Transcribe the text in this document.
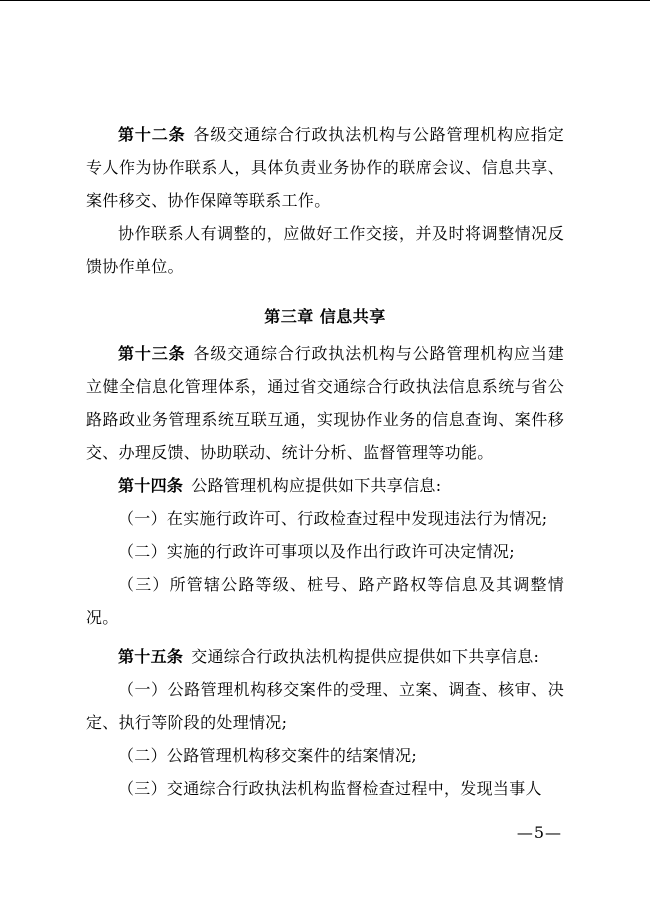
第十二条 各级交通综合行政执法机构与公路管理机构应指定专人作为协作联系人，具体负责业务协作的联席会议、信息共享、案件移交、协作保障等联系工作。

协作联系人有调整的，应做好工作交接，并及时将调整情况反馈协作单位。

第三章 信息共享

第十三条 各级交通综合行政执法机构与公路管理机构应当建立健全信息化管理体系，通过省交通综合行政执法信息系统与省公路路政业务管理系统互联互通，实现协作业务的信息查询、案件移交、办理反馈、协助联动、统计分析、监督管理等功能。

第十四条 公路管理机构应提供如下共享信息:

（一）在实施行政许可、行政检查过程中发现违法行为情况;

（二）实施的行政许可事项以及作出行政许可决定情况;

（三）所管辖公路等级、桩号、路产路权等信息及其调整情况。

第十五条 交通综合行政执法机构提供应提供如下共享信息:

（一）公路管理机构移交案件的受理、立案、调查、核审、决定、执行等阶段的处理情况;

（二）公路管理机构移交案件的结案情况;

（三）交通综合行政执法机构监督检查过程中，发现当事人

—5—
